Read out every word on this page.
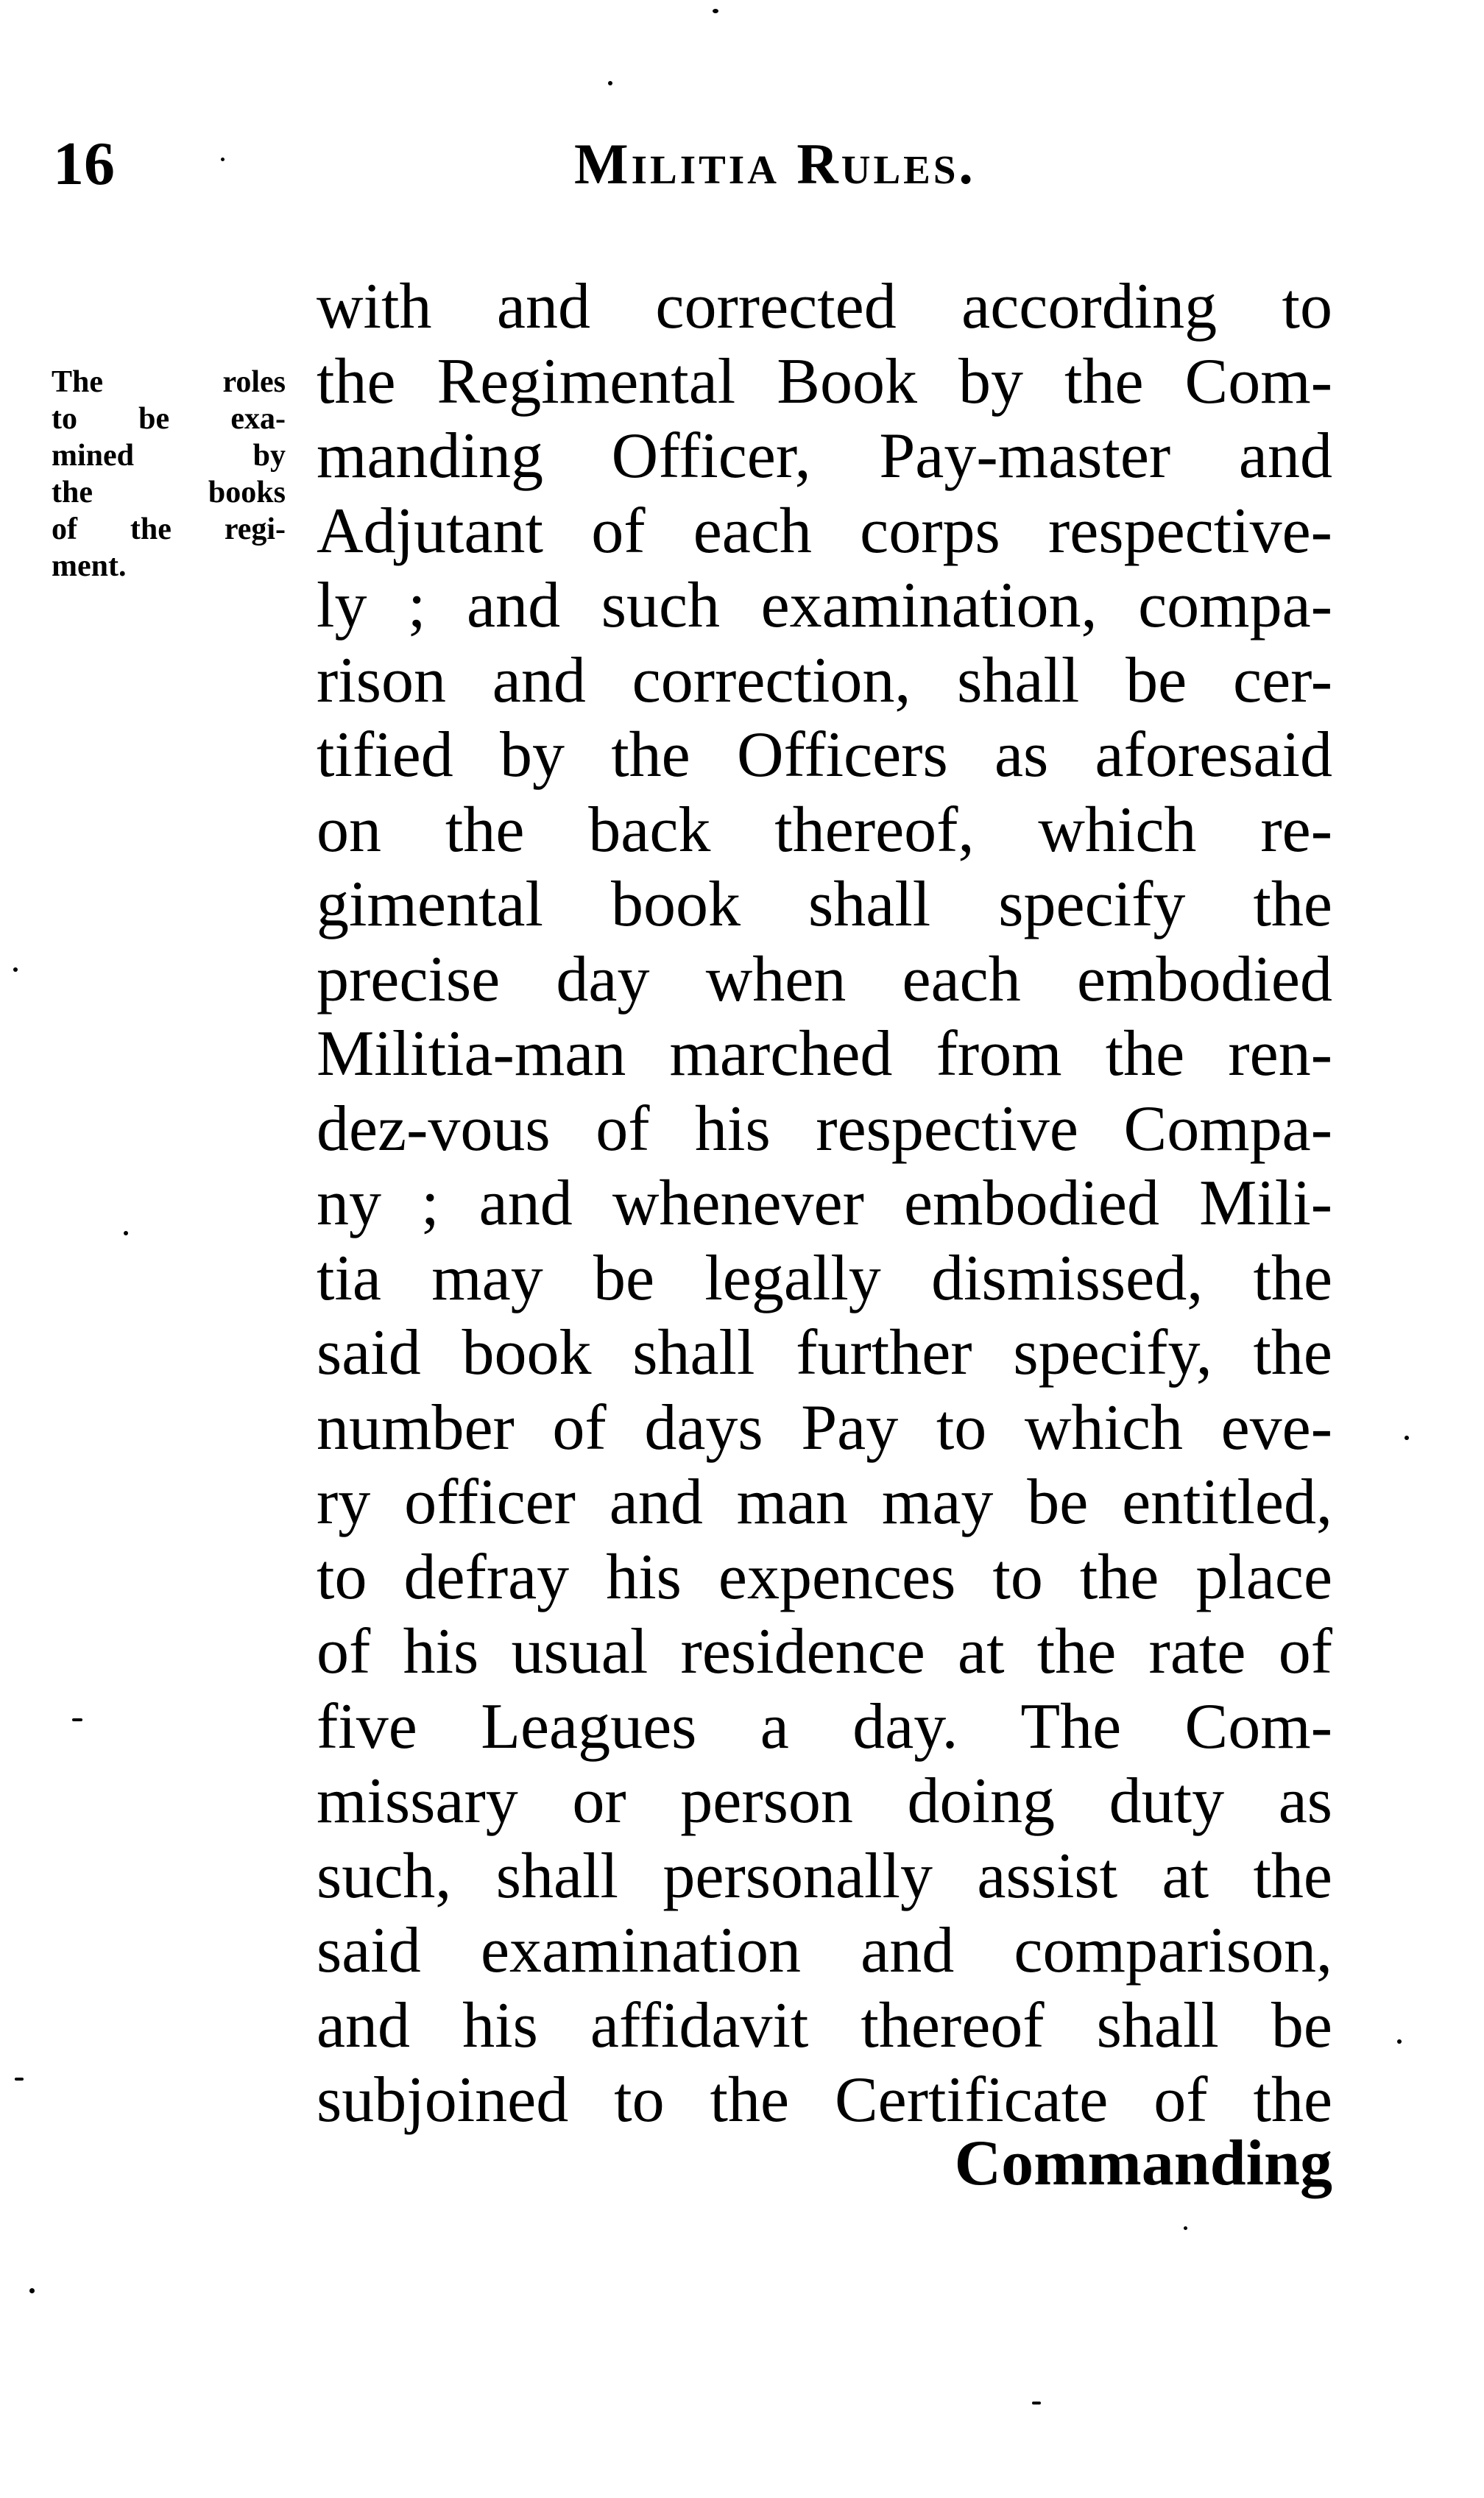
16	Militia Rules.
The roles
to be exa-
mined by
the books
of the regi-
ment.
with and corrected according to
the Regimental Book by the Com-
manding Officer, Pay-master and
Adjutant of each corps respective-
ly ; and such examination, compa-
rison and correction, shall be cer-
tified by the Officers as aforesaid
on the back thereof, which re-
gimental book shall specify the
precise day when each embodied
Militia-man marched from the ren-
dez-vous of his respective Compa-
ny ; and whenever embodied Mili-
tia may be legally dismissed, the
said book shall further specify, the
number of days Pay to which eve-
ry officer and man may be entitled,
to defray his expences to the place
of his usual residence at the rate of
five Leagues a day. The Com-
missary or person doing duty as
such, shall personally assist at the
said examination and comparison,
and his affidavit thereof shall be
subjoined to the Certificate of the
Commanding
